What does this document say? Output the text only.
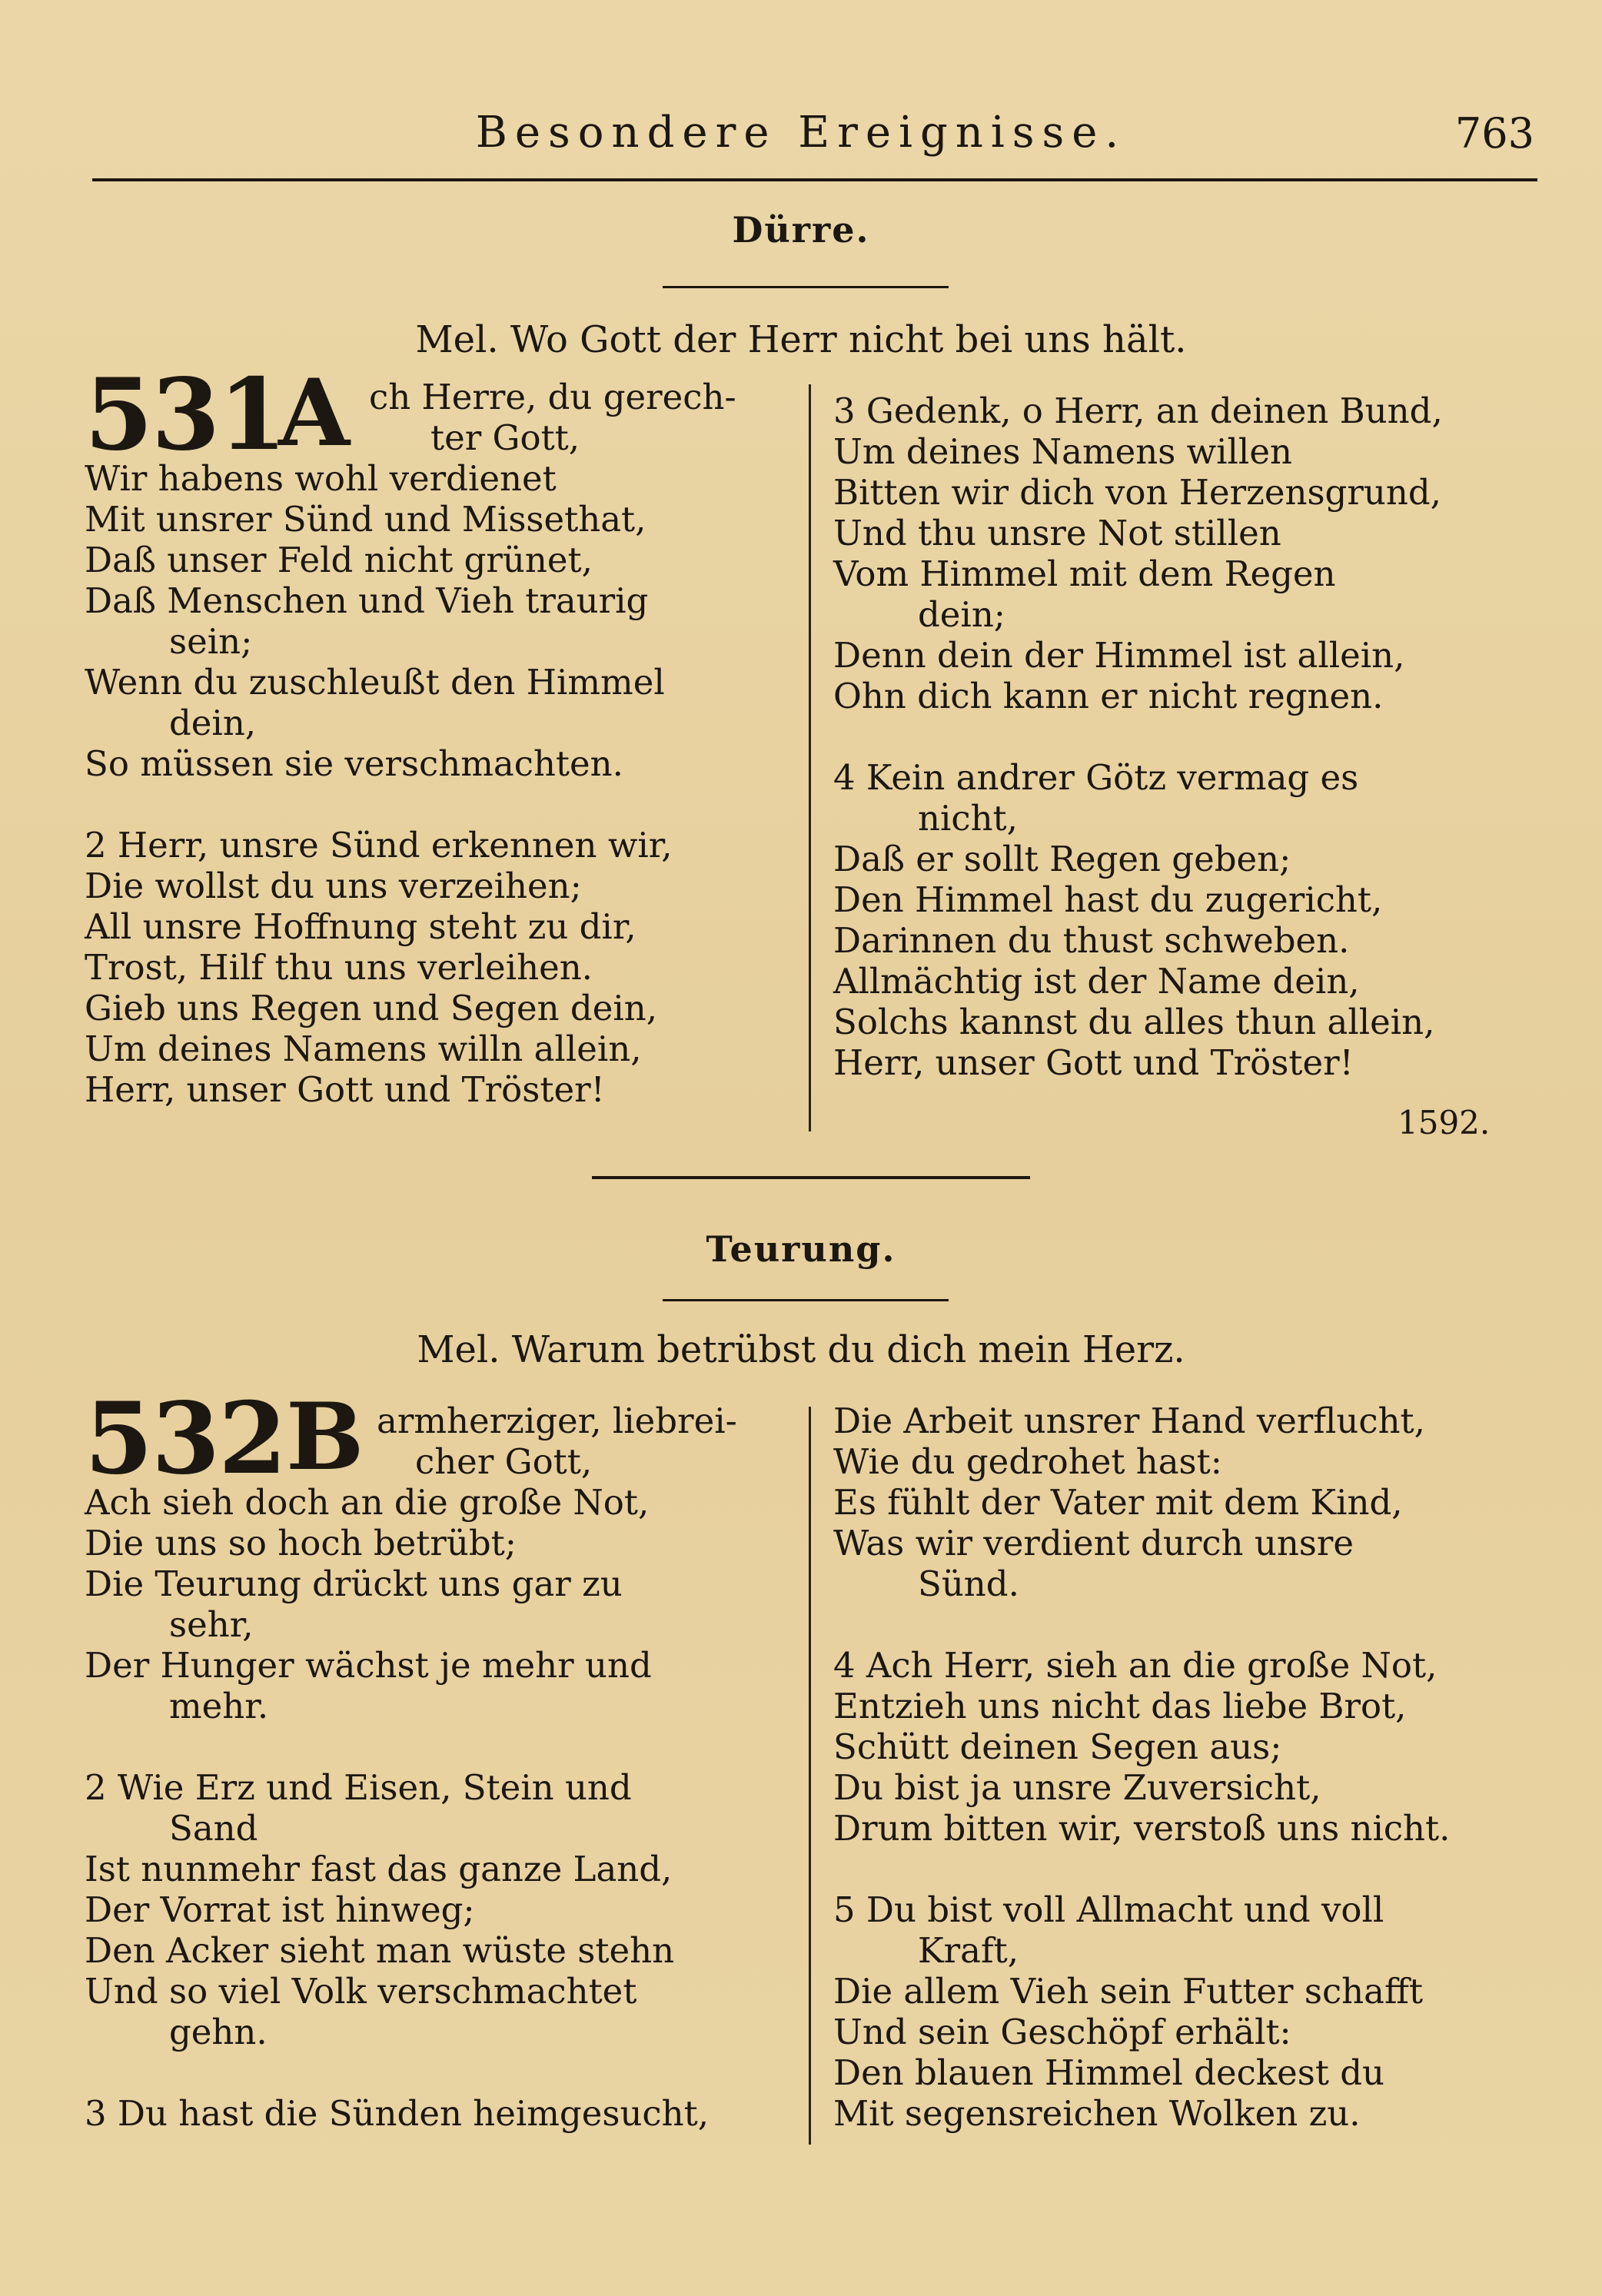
Besondere Ereignisse.	763
Dürre.
Mel. Wo Gott der Herr nicht bei uns hält.
531
A ch Herre, du gerech-
ter Gott,
Wir habens wohl verdienet
Mit unsrer Sünd und Missethat,
Daß unser Feld nicht grünet,
Daß Menschen und Vieh traurig
sein;
Wenn du zuschleußt den Himmel
dein,
So müssen sie verschmachten.
2 Herr, unsre Sünd erkennen wir,
Die wollst du uns verzeihen;
All unsre Hoffnung steht zu dir,
Trost, Hilf thu uns verleihen.
Gieb uns Regen und Segen dein,
Um deines Namens willn allein,
Herr, unser Gott und Tröster!
3 Gedenk, o Herr, an deinen Bund,
Um deines Namens willen
Bitten wir dich von Herzensgrund,
Und thu unsre Not stillen
Vom Himmel mit dem Regen
dein;
Denn dein der Himmel ist allein,
Ohn dich kann er nicht regnen.
4 Kein andrer Götz vermag es
nicht,
Daß er sollt Regen geben;
Den Himmel hast du zugericht,
Darinnen du thust schweben.
Allmächtig ist der Name dein,
Solchs kannst du alles thun allein,
Herr, unser Gott und Tröster!
1592.
Teurung.
Mel. Warum betrübst du dich mein Herz.
532 B armherziger, liebrei-
cher Gott,
Ach sieh doch an die große Not,
Die uns so hoch betrübt;
Die Teurung drückt uns gar zu
sehr,
Der Hunger wächst je mehr und
mehr.
2 Wie Erz und Eisen, Stein und
Sand
Ist nunmehr fast das ganze Land,
Der Vorrat ist hinweg;
Den Acker sieht man wüste stehn
Und so viel Volk verschmachtet
gehn.
3 Du hast die Sünden heimgesucht,
Die Arbeit unsrer Hand verflucht,
Wie du gedrohet hast:
Es fühlt der Vater mit dem Kind,
Was wir verdient durch unsre
Sünd.
4 Ach Herr, sieh an die große Not,
Entzieh uns nicht das liebe Brot,
Schütt deinen Segen aus;
Du bist ja unsre Zuversicht,
Drum bitten wir, verstoß uns nicht.
5 Du bist voll Allmacht und voll
Kraft,
Die allem Vieh sein Futter schafft
Und sein Geschöpf erhält:
Den blauen Himmel deckest du
Mit segensreichen Wolken zu.
